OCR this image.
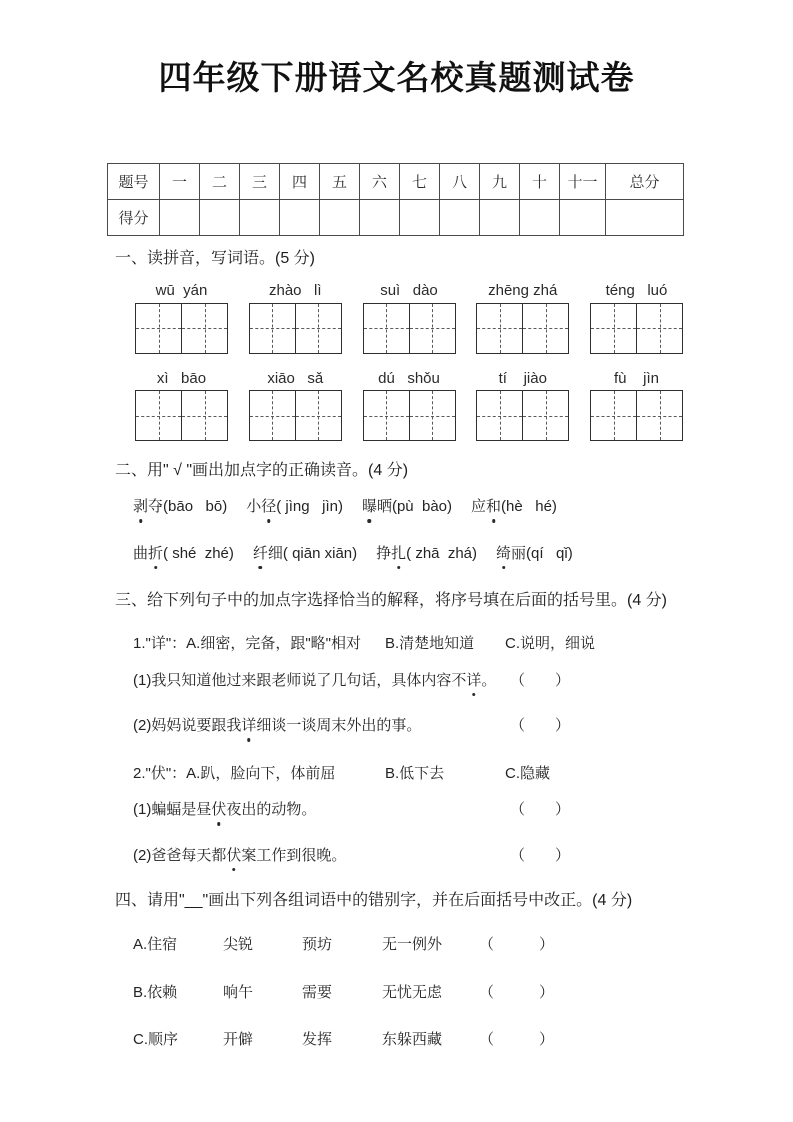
四年级下册语文名校真题测试卷
题号	一	二	三	四	五	六	七	八	九	十	十一	总分
得分												
一、读拼音，写词语。(5 分)
wū  yán	zhào   lì	suì   dào	zhēng zhá	téng   luó
xì   bāo	xiāo   sǎ	dú   shǒu	tí    jiào	fù    jìn
二、用" √ "画出加点字的正确读音。(4 分)
剥夺(bāo   bō) 小径( jìng   jìn) 曝晒(pù  bào) 应和(hè   hé)
曲折( shé  zhé) 纤细( qiān xiān) 挣扎( zhā  zhá) 绮丽(qí   qǐ)
三、给下列句子中的加点字选择恰当的解释，将序号填在后面的括号里。(4 分)
1."详"：A.细密，完备，跟"略"相对	B.清楚地知道	C.说明，细说
(1)我只知道他过来跟老师说了几句话，具体内容不详。 （　　）
(2)妈妈说要跟我详细谈一谈周末外出的事。	（　　）
2."伏"：A.趴，脸向下，体前屈	B.低下去	C.隐藏
(1)蝙蝠是昼伏夜出的动物。	（　　）
(2)爸爸每天都伏案工作到很晚。	（　　）
四、请用"__"画出下列各组词语中的错别字，并在后面括号中改正。(4 分)
A.住宿	尖锐	预坊	无一例外	（　　　）
B.依赖	响午	需要	无忧无虑	（　　　）
C.顺序	开僻	发挥	东躲西藏	（　　　）
